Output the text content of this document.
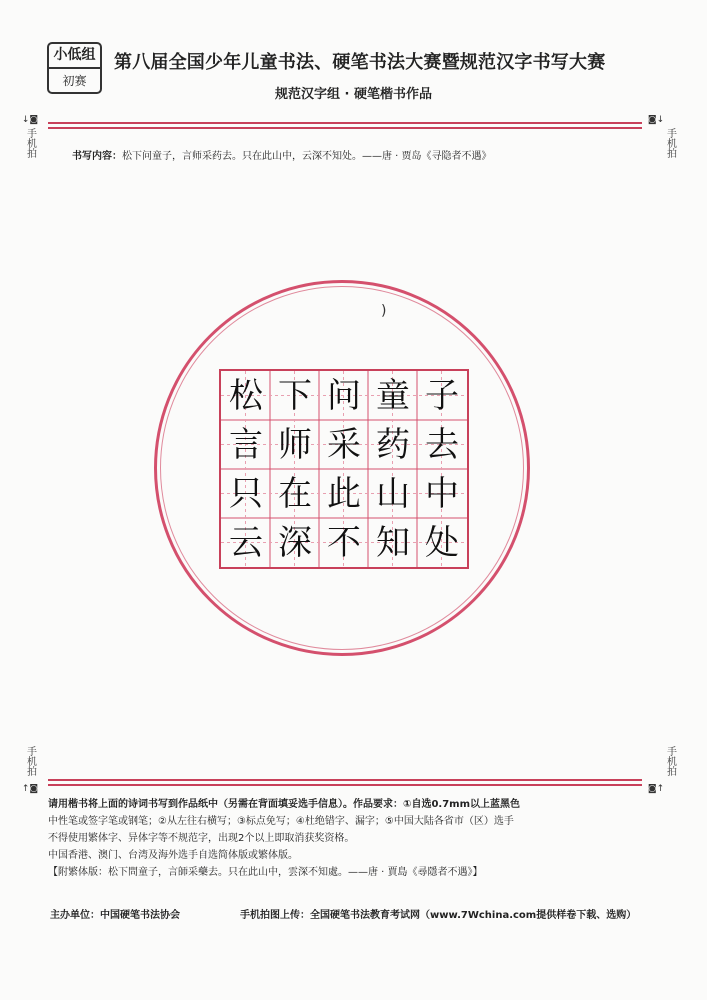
小低组
初赛
第八届全国少年儿童书法、硬笔书法大赛暨规范汉字书写大赛
规范汉字组 · 硬笔楷书作品
↓◙
手机拍
◙↓
手机拍
书写内容：松下问童子，言师采药去。只在此山中，云深不知处。——唐 · 贾岛《寻隐者不遇》
)
松 下 问 童 子
言 师 采 药 去
只 在 此 山 中
云 深 不 知 处
手机拍
↑◙
手机拍
◙↑
请用楷书将上面的诗词书写到作品纸中（另需在背面填妥选手信息）。作品要求：①自选0.7mm以上蓝黑色
中性笔或签字笔或钢笔；②从左往右横写；③标点免写；④杜绝错字、漏字；⑤中国大陆各省市（区）选手
不得使用繁体字、异体字等不规范字，出现2个以上即取消获奖资格。
中国香港、澳门、台湾及海外选手自选简体版或繁体版。
【附繁体版：松下問童子，言師采藥去。只在此山中，雲深不知處。——唐 · 賈島《尋隱者不遇》】
主办单位：中国硬笔书法协会	手机拍图上传：全国硬笔书法教育考试网（www.7Wchina.com提供样卷下载、选购）
